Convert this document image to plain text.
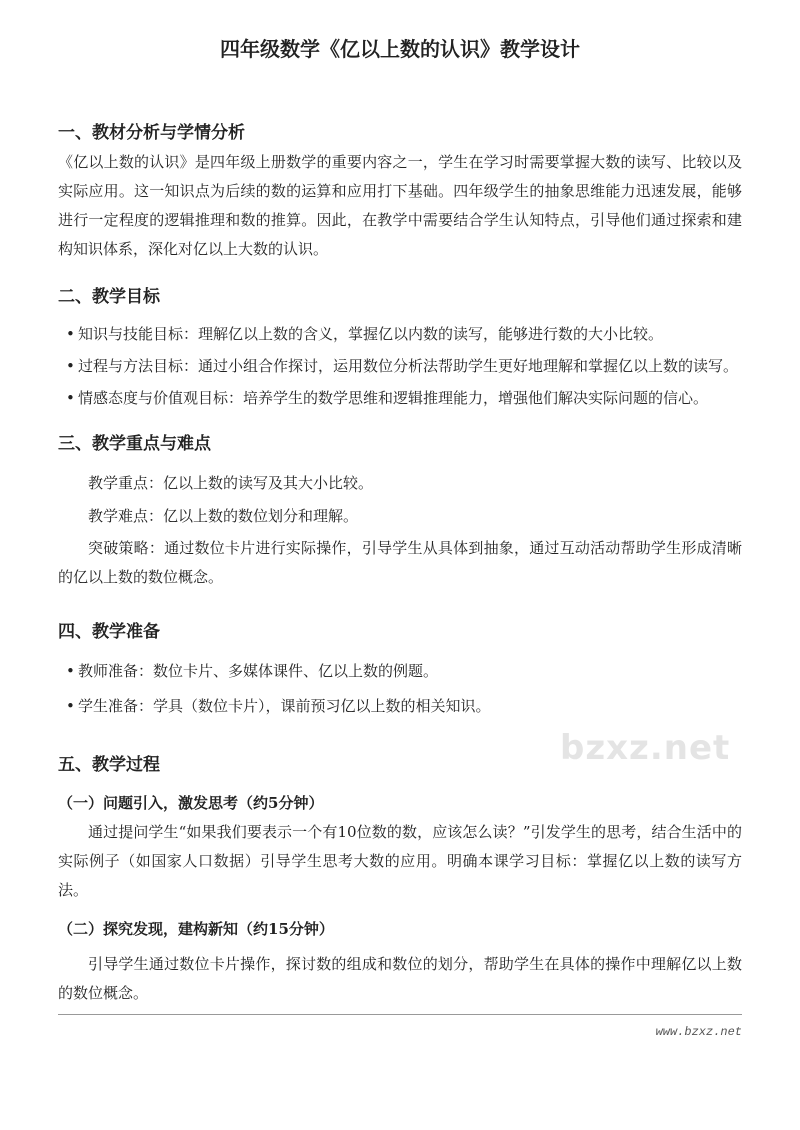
bzxz.net
四年级数学《亿以上数的认识》教学设计
一、教材分析与学情分析
《亿以上数的认识》是四年级上册数学的重要内容之一，学生在学习时需要掌握大数的读写、比较以及实际应用。这一知识点为后续的数的运算和应用打下基础。四年级学生的抽象思维能力迅速发展，能够进行一定程度的逻辑推理和数的推算。因此，在教学中需要结合学生认知特点，引导他们通过探索和建构知识体系，深化对亿以上大数的认识。
二、教学目标
• 知识与技能目标：理解亿以上数的含义，掌握亿以内数的读写，能够进行数的大小比较。
• 过程与方法目标：通过小组合作探讨，运用数位分析法帮助学生更好地理解和掌握亿以上数的读写。
• 情感态度与价值观目标：培养学生的数学思维和逻辑推理能力，增强他们解决实际问题的信心。
三、教学重点与难点
教学重点：亿以上数的读写及其大小比较。
教学难点：亿以上数的数位划分和理解。
突破策略：通过数位卡片进行实际操作，引导学生从具体到抽象，通过互动活动帮助学生形成清晰的亿以上数的数位概念。
四、教学准备
• 教师准备：数位卡片、多媒体课件、亿以上数的例题。
• 学生准备：学具（数位卡片），课前预习亿以上数的相关知识。
五、教学过程
（一）问题引入，激发思考（约5分钟）
通过提问学生“如果我们要表示一个有10位数的数，应该怎么读？”引发学生的思考，结合生活中的实际例子（如国家人口数据）引导学生思考大数的应用。明确本课学习目标：掌握亿以上数的读写方法。
（二）探究发现，建构新知（约15分钟）
引导学生通过数位卡片操作，探讨数的组成和数位的划分，帮助学生在具体的操作中理解亿以上数的数位概念。
www.bzxz.net
